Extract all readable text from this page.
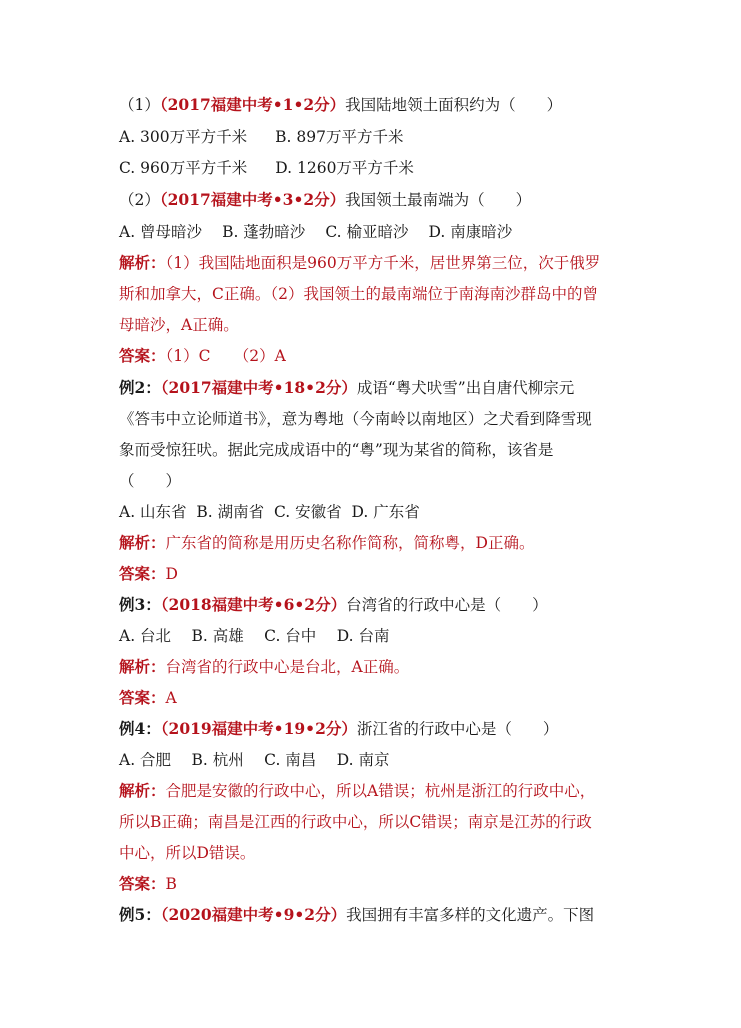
（1）（2017福建中考•1•2分）我国陆地领土面积约为（　　）
A. 300万平方千米 B. 897万平方千米
C. 960万平方千米 D. 1260万平方千米
（2）（2017福建中考•3•2分）我国领土最南端为（　　）
A. 曾母暗沙 B. 蓬勃暗沙 C. 榆亚暗沙 D. 南康暗沙
解析：（1）我国陆地面积是960万平方千米，居世界第三位，次于俄罗
斯和加拿大，C正确。（2）我国领土的最南端位于南海南沙群岛中的曾
母暗沙，A正确。
答案：（1）C　　（2）A
例2：（2017福建中考•18•2分）成语“粤犬吠雪”出自唐代柳宗元
《答韦中立论师道书》，意为粤地（今南岭以南地区）之犬看到降雪现
象而受惊狂吠。据此完成成语中的“粤”现为某省的简称，该省是
（　　）
A. 山东省  B. 湖南省  C. 安徽省  D. 广东省
解析：广东省的简称是用历史名称作简称，简称粤，D正确。
答案：D
例3：（2018福建中考•6•2分）台湾省的行政中心是（　　）
A. 台北　 B. 高雄　 C. 台中　 D. 台南
解析：台湾省的行政中心是台北，A正确。
答案：A
例4：（2019福建中考•19•2分）浙江省的行政中心是（　　）
A. 合肥　 B. 杭州　 C. 南昌　 D. 南京
解析：合肥是安徽的行政中心，所以A错误；杭州是浙江的行政中心，
所以B正确；南昌是江西的行政中心，所以C错误；南京是江苏的行政
中心，所以D错误。
答案：B
例5：（2020福建中考•9•2分）我国拥有丰富多样的文化遗产。下图
